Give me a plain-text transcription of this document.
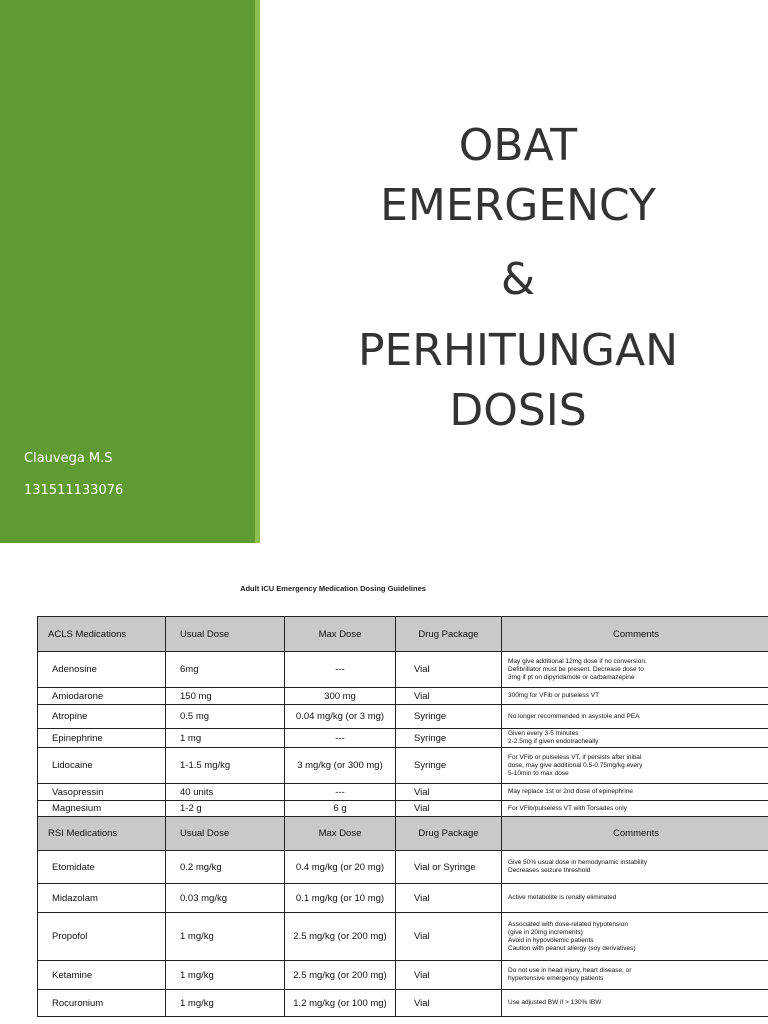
Clauvega M.S
131511133076
OBAT
EMERGENCY
&
PERHITUNGAN
DOSIS
Adult ICU Emergency Medication Dosing Guidelines
ACLS Medications	Usual Dose	Max Dose	Drug Package	Comments
Adenosine	6mg	---	Vial	May give additional 12mg dose if no conversion.
Defibrillator must be present. Decrease dose to
3mg if pt on dipyridamole or carbamazepine

Amiodarone	150 mg	300 mg	Vial	300mg for VFib or pulseless VT

Atropine	0.5 mg	0.04 mg/kg (or 3 mg)	Syringe	No longer recommended in asystole and PEA

Epinephrine	1 mg	---	Syringe	Given every 3-5 minutes
2-2.5mg if given endotracheally

Lidocaine	1-1.5 mg/kg	3 mg/kg (or 300 mg)	Syringe	For VFib or pulseless VT, if persists after initial
dose, may give additional 0.5-0.75mg/kg every
5-10min to max dose

Vasopressin	40 units	---	Vial	May replace 1st or 2nd dose of epinephrine

Magnesium	1-2 g	6 g	Vial	For VFib/pulseless VT with Torsades only

RSI Medications	Usual Dose	Max Dose	Drug Package	Comments
Etomidate	0.2 mg/kg	0.4 mg/kg (or 20 mg)	Vial or Syringe	Give 50% usual dose in hemodynamic instability
Decreases seizure threshold

Midazolam	0.03 mg/kg	0.1 mg/kg (or 10 mg)	Vial	Active metabolite is renally eliminated

Propofol	1 mg/kg	2.5 mg/kg (or 200 mg)	Vial	Associated with dose-related hypotension
(give in 20mg increments)
Avoid in hypovolemic patients
Caution with peanut allergy (soy derivatives)

Ketamine	1 mg/kg	2.5 mg/kg (or 200 mg)	Vial	Do not use in head injury, heart disease, or
hypertensive emergency patients

Rocuronium	1 mg/kg	1.2 mg/kg (or 100 mg)	Vial	Use adjusted BW if > 130% IBW
